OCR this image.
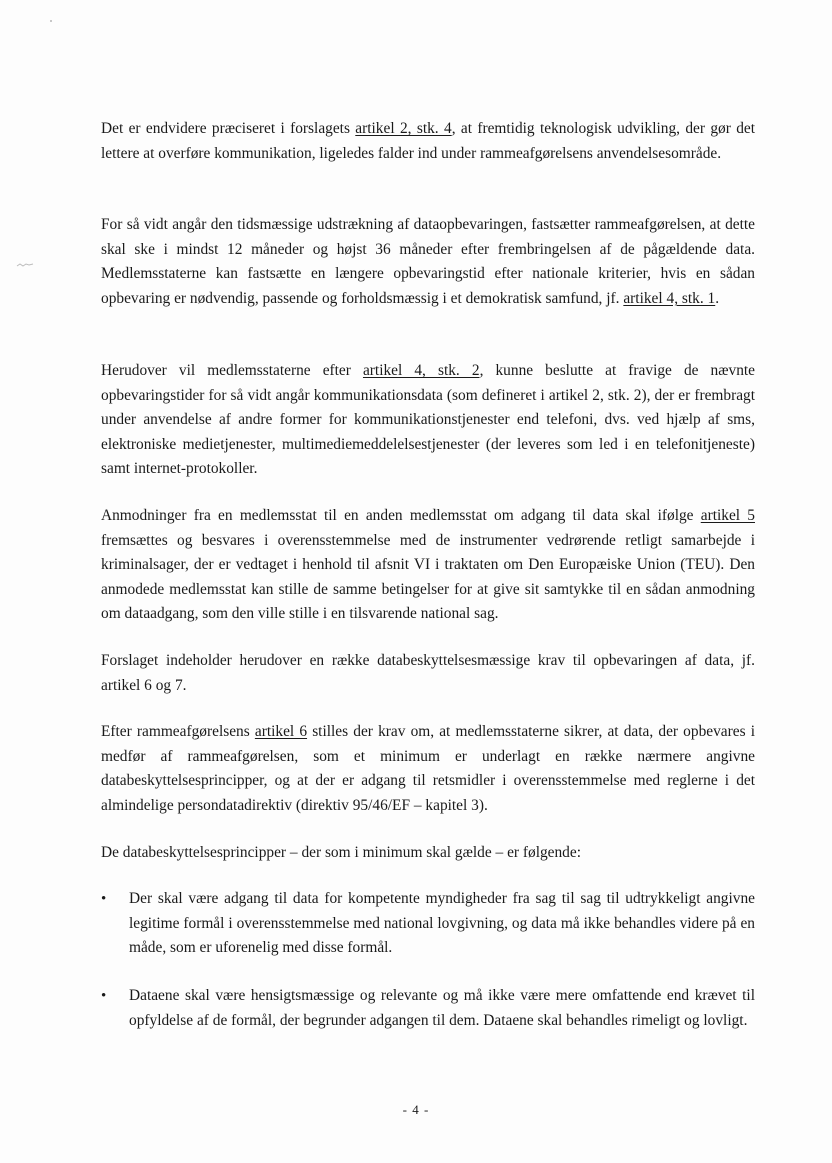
Det er endvidere præciseret i forslagets artikel 2, stk. 4, at fremtidig teknologisk udvikling, der gør det lettere at overføre kommunikation, ligeledes falder ind under rammeafgørelsens anvendelsesområde.

For så vidt angår den tidsmæssige udstrækning af dataopbevaringen, fastsætter rammeafgørelsen, at dette skal ske i mindst 12 måneder og højst 36 måneder efter frembringelsen af de pågældende data. Medlemsstaterne kan fastsætte en længere opbevaringstid efter nationale kriterier, hvis en sådan opbevaring er nødvendig, passende og forholdsmæssig i et demokratisk samfund, jf. artikel 4, stk. 1.

Herudover vil medlemsstaterne efter artikel 4, stk. 2, kunne beslutte at fravige de nævnte opbevaringstider for så vidt angår kommunikationsdata (som defineret i artikel 2, stk. 2), der er frembragt under anvendelse af andre former for kommunikationstjenester end telefoni, dvs. ved hjælp af sms, elektroniske medietjenester, multimediemeddelelsestjenester (der leveres som led i en telefonitjeneste) samt internet-protokoller.

Anmodninger fra en medlemsstat til en anden medlemsstat om adgang til data skal ifølge artikel 5 fremsættes og besvares i overensstemmelse med de instrumenter vedrørende retligt samarbejde i kriminalsager, der er vedtaget i henhold til afsnit VI i traktaten om Den Europæiske Union (TEU). Den anmodede medlemsstat kan stille de samme betingelser for at give sit samtykke til en sådan anmodning om dataadgang, som den ville stille i en tilsvarende national sag.

Forslaget indeholder herudover en række databeskyttelsesmæssige krav til opbevaringen af data, jf. artikel 6 og 7.

Efter rammeafgørelsens artikel 6 stilles der krav om, at medlemsstaterne sikrer, at data, der opbevares i medfør af rammeafgørelsen, som et minimum er underlagt en række nærmere angivne databeskyttelsesprincipper, og at der er adgang til retsmidler i overensstemmelse med reglerne i det almindelige persondatadirektiv (direktiv 95/46/EF – kapitel 3).

De databeskyttelsesprincipper – der som i minimum skal gælde – er følgende:

•	Der skal være adgang til data for kompetente myndigheder fra sag til sag til udtrykkeligt angivne legitime formål i overensstemmelse med national lovgivning, og data må ikke behandles videre på en måde, som er uforenelig med disse formål.
•	Dataene skal være hensigtsmæssige og relevante og må ikke være mere omfattende end krævet til opfyldelse af de formål, der begrunder adgangen til dem. Dataene skal behandles rimeligt og lovligt.
- 4 -
